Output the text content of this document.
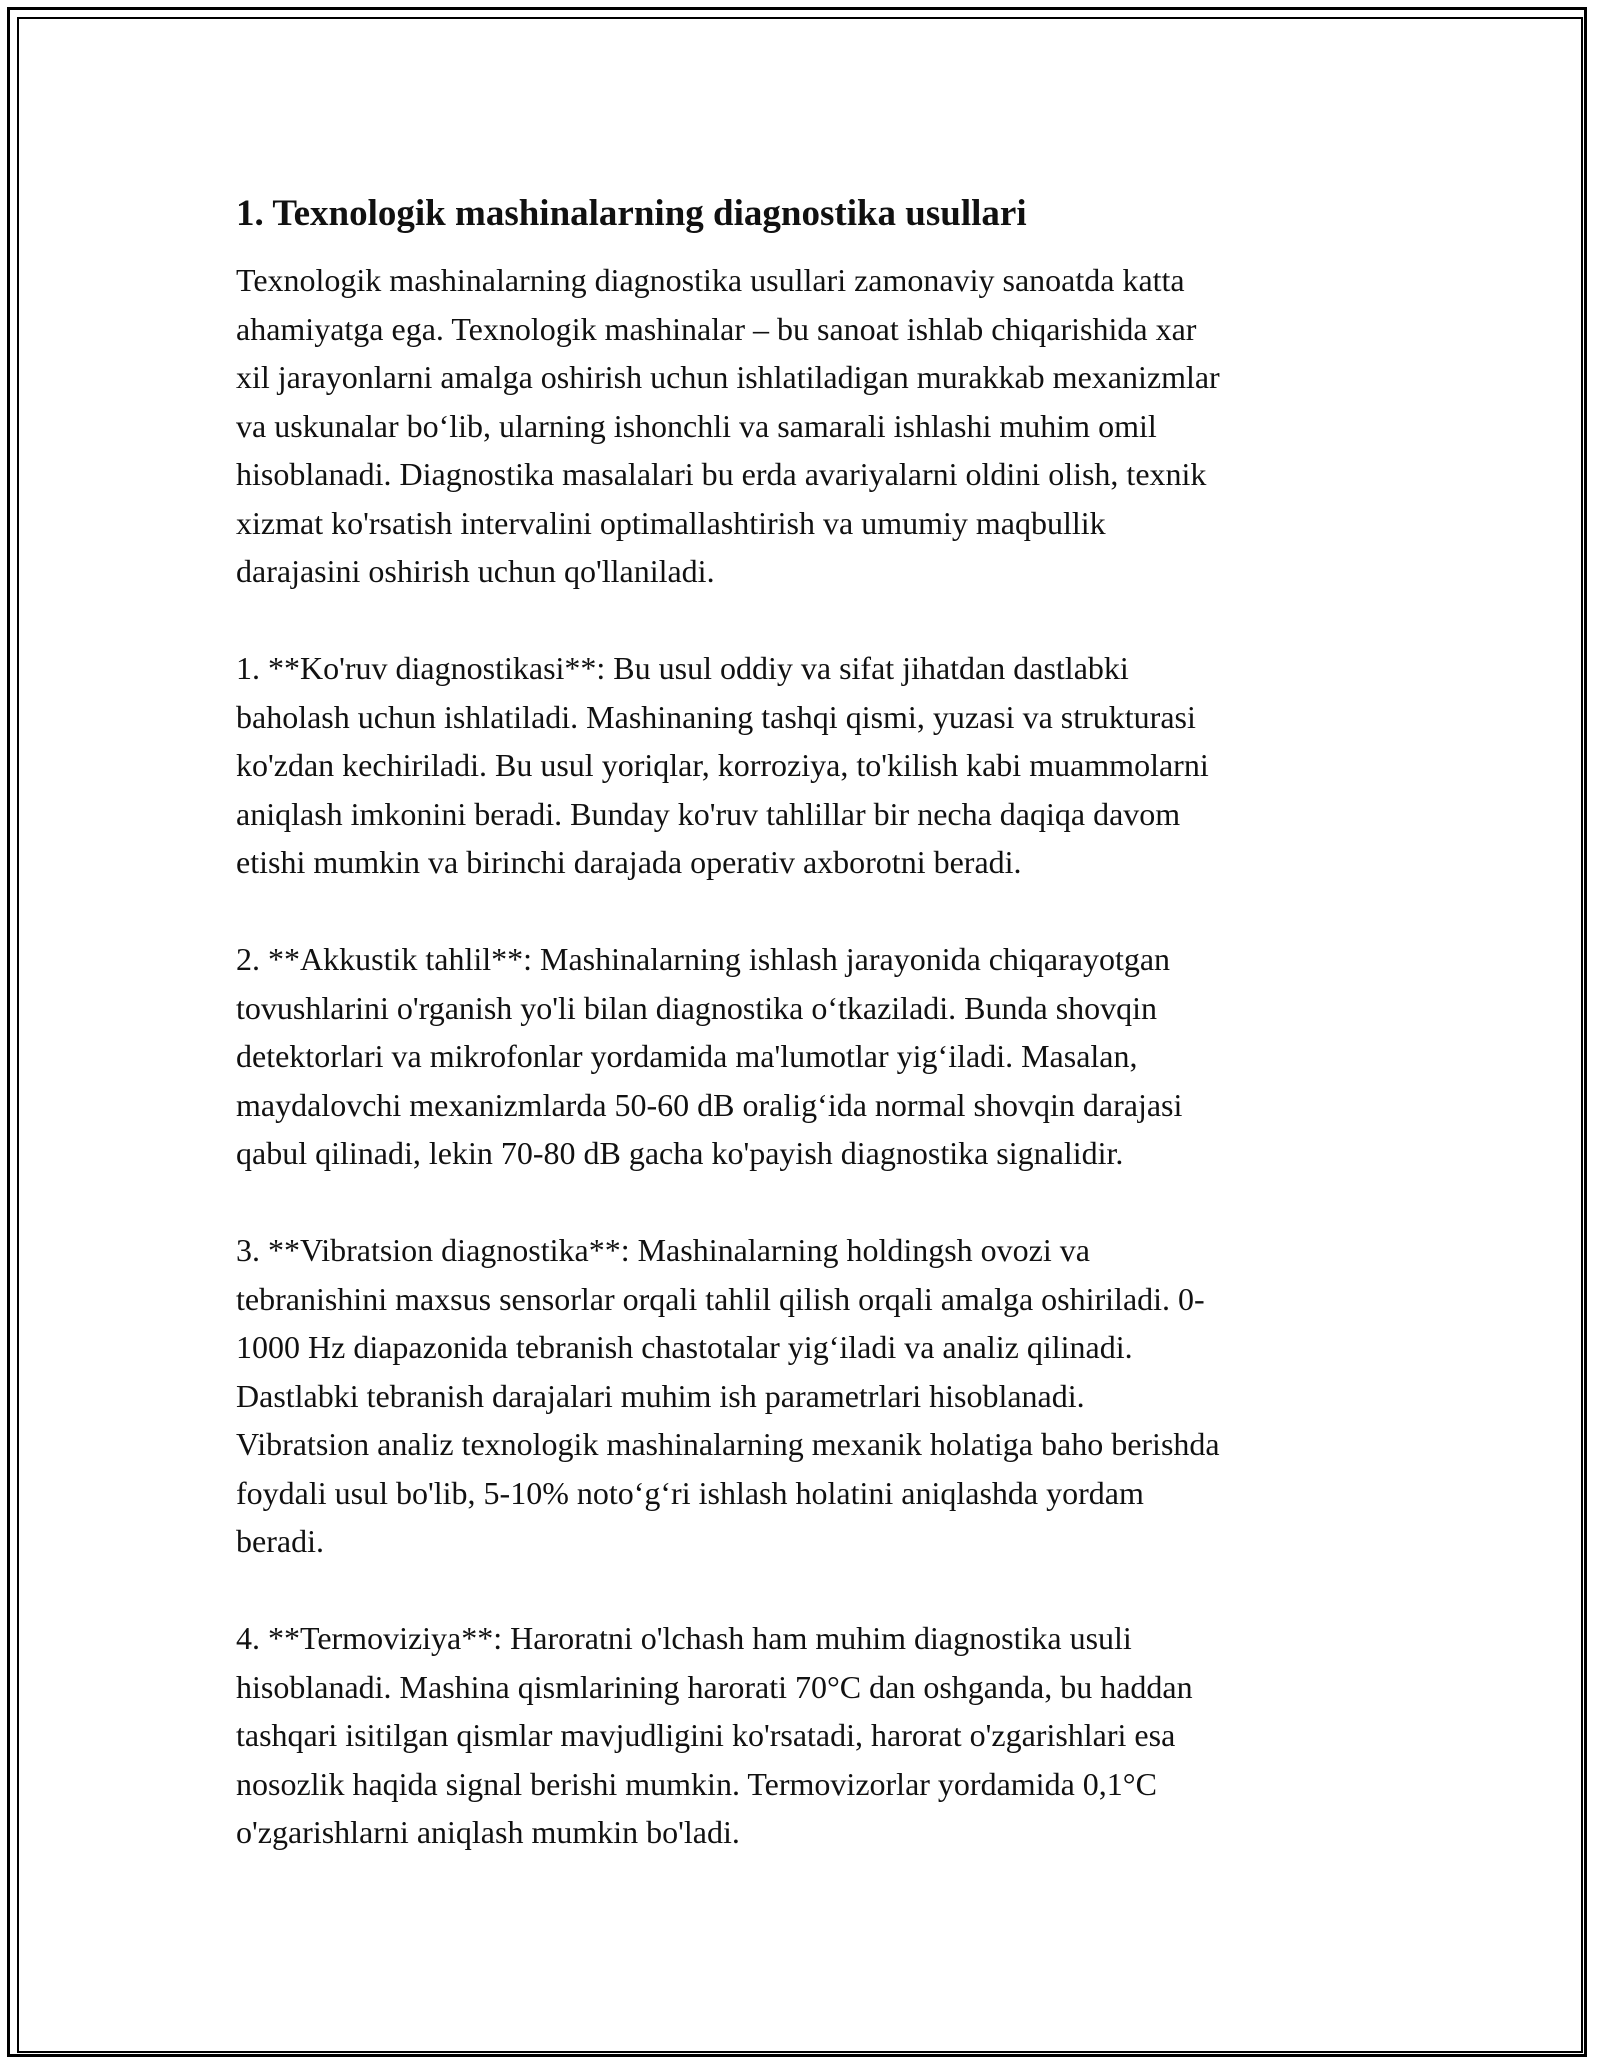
1. Texnologik mashinalarning diagnostika usullari

Texnologik mashinalarning diagnostika usullari zamonaviy sanoatda katta
ahamiyatga ega. Texnologik mashinalar – bu sanoat ishlab chiqarishida xar
xil jarayonlarni amalga oshirish uchun ishlatiladigan murakkab mexanizmlar
va uskunalar bo‘lib, ularning ishonchli va samarali ishlashi muhim omil
hisoblanadi. Diagnostika masalalari bu erda avariyalarni oldini olish, texnik
xizmat ko'rsatish intervalini optimallashtirish va umumiy maqbullik
darajasini oshirish uchun qo'llaniladi.

1. **Ko'ruv diagnostikasi**: Bu usul oddiy va sifat jihatdan dastlabki
baholash uchun ishlatiladi. Mashinaning tashqi qismi, yuzasi va strukturasi
ko'zdan kechiriladi. Bu usul yoriqlar, korroziya, to'kilish kabi muammolarni
aniqlash imkonini beradi. Bunday ko'ruv tahlillar bir necha daqiqa davom
etishi mumkin va birinchi darajada operativ axborotni beradi.

2. **Akkustik tahlil**: Mashinalarning ishlash jarayonida chiqarayotgan
tovushlarini o'rganish yo'li bilan diagnostika o‘tkaziladi. Bunda shovqin
detektorlari va mikrofonlar yordamida ma'lumotlar yig‘iladi. Masalan,
maydalovchi mexanizmlarda 50-60 dB oralig‘ida normal shovqin darajasi
qabul qilinadi, lekin 70-80 dB gacha ko'payish diagnostika signalidir.

3. **Vibratsion diagnostika**: Mashinalarning holdingsh ovozi va
tebranishini maxsus sensorlar orqali tahlil qilish orqali amalga oshiriladi. 0-
1000 Hz diapazonida tebranish chastotalar yig‘iladi va analiz qilinadi.
Dastlabki tebranish darajalari muhim ish parametrlari hisoblanadi.
Vibratsion analiz texnologik mashinalarning mexanik holatiga baho berishda
foydali usul bo'lib, 5-10% noto‘g‘ri ishlash holatini aniqlashda yordam
beradi.

4. **Termoviziya**: Haroratni o'lchash ham muhim diagnostika usuli
hisoblanadi. Mashina qismlarining harorati 70°C dan oshganda, bu haddan
tashqari isitilgan qismlar mavjudligini ko'rsatadi, harorat o'zgarishlari esa
nosozlik haqida signal berishi mumkin. Termovizorlar yordamida 0,1°C
o'zgarishlarni aniqlash mumkin bo'ladi.
